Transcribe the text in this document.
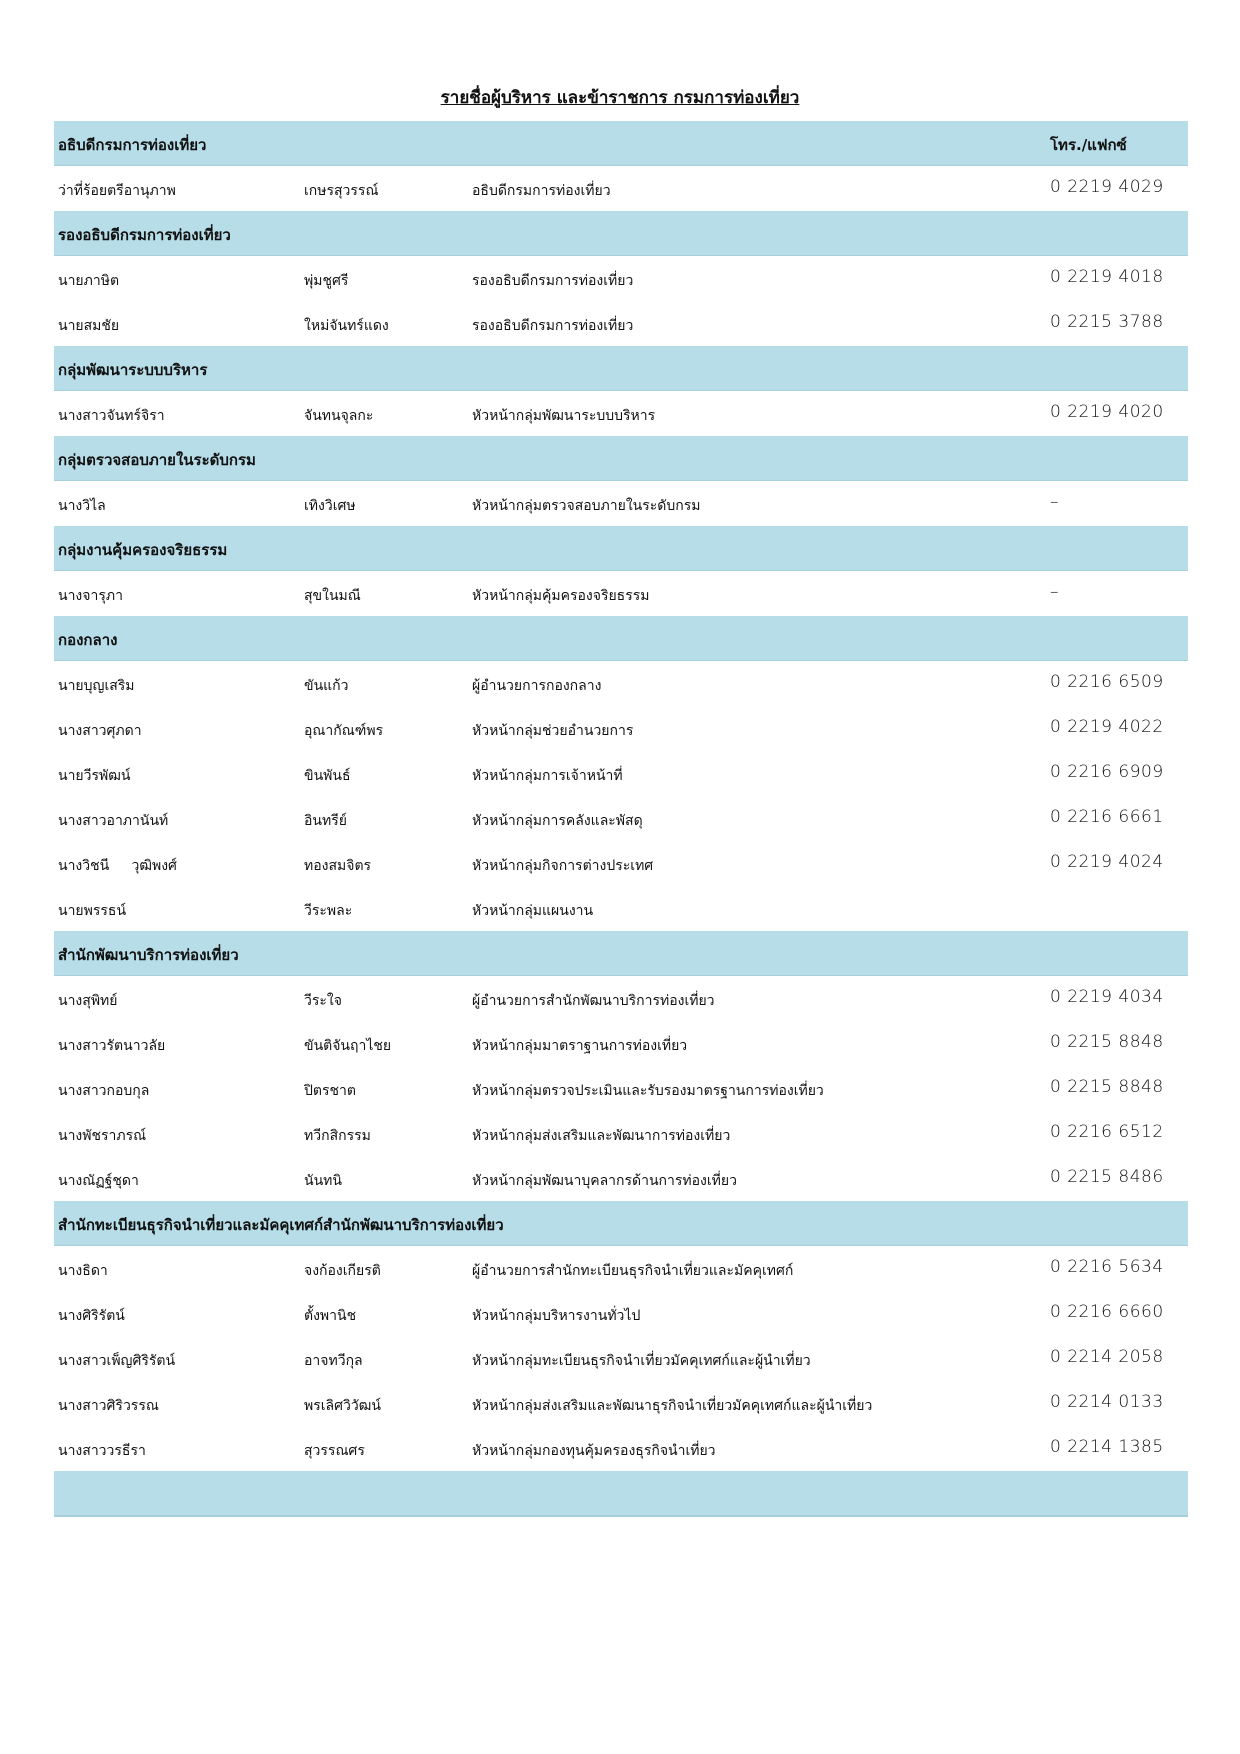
รายชื่อผู้บริหาร และข้าราชการ กรมการท่องเที่ยว
อธิบดีกรมการท่องเที่ยว	โทร./แฟกซ์
ว่าที่ร้อยตรีอานุภาพ	เกษรสุวรรณ์	อธิบดีกรมการท่องเที่ยว	0 2219 4029
รองอธิบดีกรมการท่องเที่ยว
นายภาษิต	พุ่มชูศรี	รองอธิบดีกรมการท่องเที่ยว	0 2219 4018
นายสมชัย	ใหม่จันทร์แดง	รองอธิบดีกรมการท่องเที่ยว	0 2215 3788
กลุ่มพัฒนาระบบบริหาร
นางสาวจันทร์จิรา	จันทนจุลกะ	หัวหน้ากลุ่มพัฒนาระบบบริหาร	0 2219 4020
กลุ่มตรวจสอบภายในระดับกรม
นางวิไล	เทิงวิเศษ	หัวหน้ากลุ่มตรวจสอบภายในระดับกรม	–
กลุ่มงานคุ้มครองจริยธรรม
นางจารุภา	สุขในมณี	หัวหน้ากลุ่มคุ้มครองจริยธรรม	–
กองกลาง
นายบุญเสริม	ขันแก้ว	ผู้อำนวยการกองกลาง	0 2216 6509
นางสาวศุภดา	อุณากัณฑ์พร	หัวหน้ากลุ่มช่วยอำนวยการ	0 2219 4022
นายวีรพัฒน์	ขินพันธ์	หัวหน้ากลุ่มการเจ้าหน้าที่	0 2216 6909
นางสาวอาภานันท์	อินทรีย์	หัวหน้ากลุ่มการคลังและพัสดุ	0 2216 6661
นางวิชนี     วุฒิพงศ์	ทองสมจิตร	หัวหน้ากลุ่มกิจการต่างประเทศ	0 2219 4024
นายพรรธน์	วีระพละ	หัวหน้ากลุ่มแผนงาน
สำนักพัฒนาบริการท่องเที่ยว
นางสุพิทย์	วีระใจ	ผู้อำนวยการสำนักพัฒนาบริการท่องเที่ยว	0 2219 4034
นางสาวรัตนาวลัย	ขันติจันฤาไชย	หัวหน้ากลุ่มมาตราฐานการท่องเที่ยว	0 2215 8848
นางสาวกอบกุล	ปิตรชาต	หัวหน้ากลุ่มตรวจประเมินและรับรองมาตรฐานการท่องเที่ยว	0 2215 8848
นางพัชราภรณ์	ทวีกสิกรรม	หัวหน้ากลุ่มส่งเสริมและพัฒนาการท่องเที่ยว	0 2216 6512
นางณัฏฐ์ชุดา	นันทนิ	หัวหน้ากลุ่มพัฒนาบุคลากรด้านการท่องเที่ยว	0 2215 8486
สำนักทะเบียนธุรกิจนำเที่ยวและมัคคุเทศก์สำนักพัฒนาบริการท่องเที่ยว
นางธิดา	จงก้องเกียรติ	ผู้อำนวยการสำนักทะเบียนธุรกิจนำเที่ยวและมัคคุเทศก์	0 2216 5634
นางศิริรัตน์	ตั้งพานิช	หัวหน้ากลุ่มบริหารงานทั่วไป	0 2216 6660
นางสาวเพ็ญศิริรัตน์	อาจทวีกุล	หัวหน้ากลุ่มทะเบียนธุรกิจนำเที่ยวมัคคุเทศก์และผู้นำเที่ยว	0 2214 2058
นางสาวศิริวรรณ	พรเลิศวิวัฒน์	หัวหน้ากลุ่มส่งเสริมและพัฒนาธุรกิจนำเที่ยวมัคคุเทศก์และผู้นำเที่ยว	0 2214 0133
นางสาววรธีรา	สุวรรณศร	หัวหน้ากลุ่มกองทุนคุ้มครองธุรกิจนำเที่ยว	0 2214 1385
